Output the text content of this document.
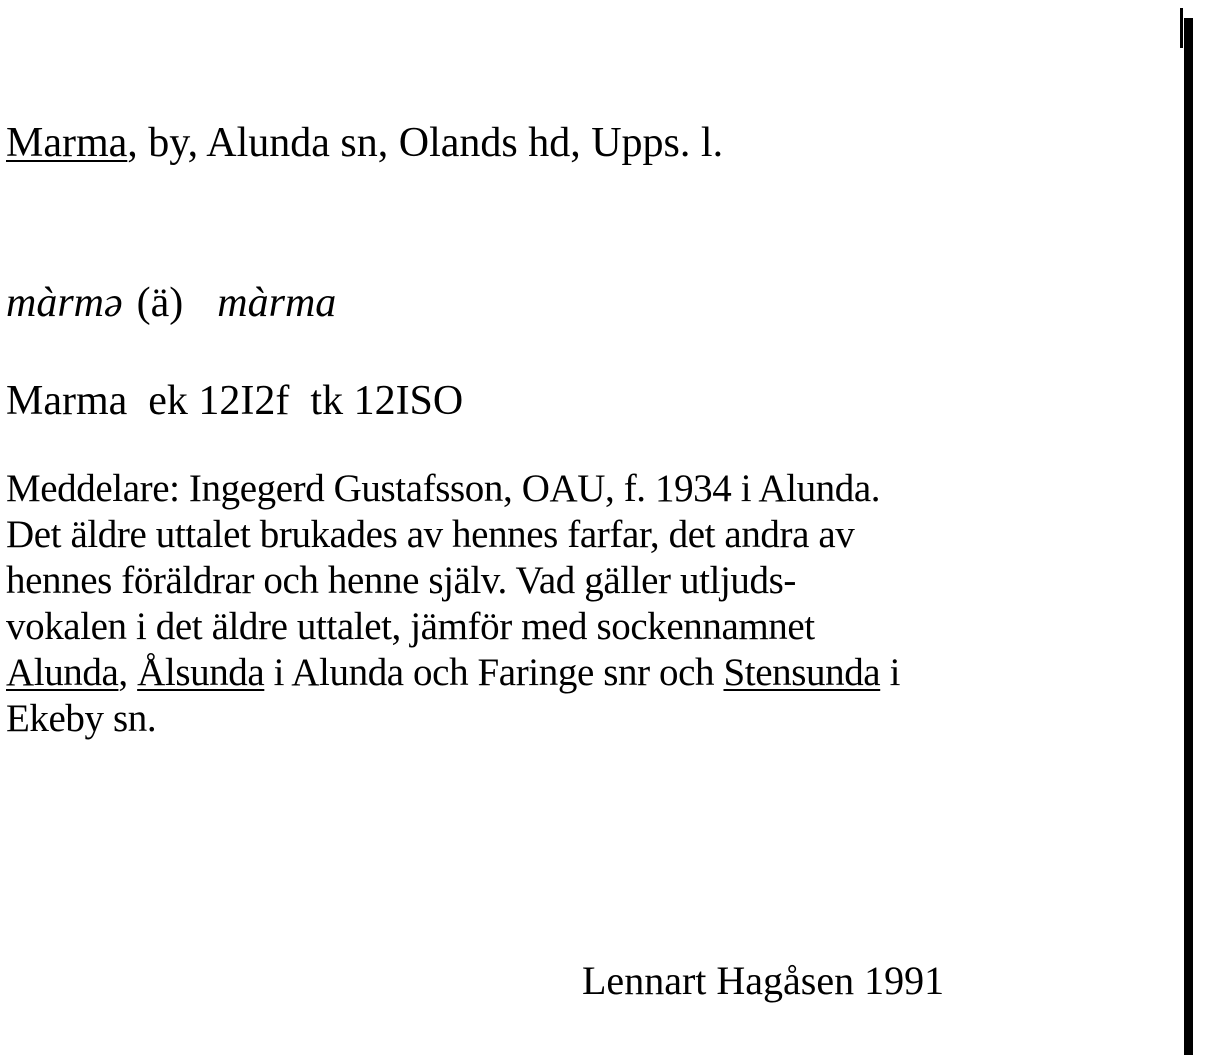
Marma, by, Alunda sn, Olands hd, Upps. l.
màrmə (ä) màrma
Marma  ek 12I2f  tk 12ISO
Meddelare: Ingegerd Gustafsson, OAU, f. 1934 i Alunda.
Det äldre uttalet brukades av hennes farfar, det andra av
hennes föräldrar och henne själv. Vad gäller utljuds-
vokalen i det äldre uttalet, jämför med sockennamnet
Alunda, Ålsunda i Alunda och Faringe snr och Stensunda i
Ekeby sn.
Lennart Hagåsen 1991
